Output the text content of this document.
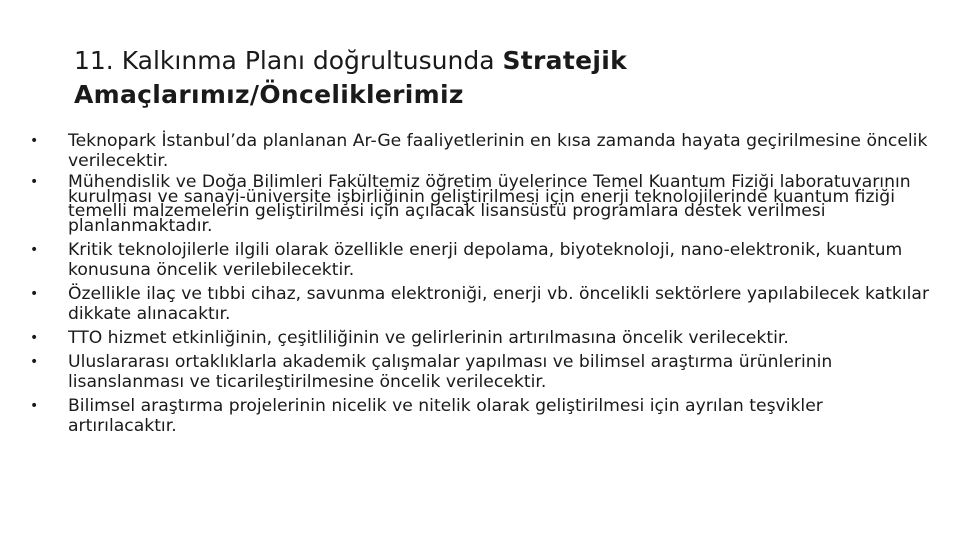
11. Kalkınma Planı doğrultusunda Stratejik
Amaçlarımız/Önceliklerimiz
• Teknopark İstanbul’da planlanan Ar-Ge faaliyetlerinin en kısa zamanda hayata geçirilmesine öncelik verilecektir.
• Mühendislik ve Doğa Bilimleri Fakültemiz öğretim üyelerince Temel Kuantum Fiziği laboratuvarının kurulması ve sanayi-üniversite işbirliğinin geliştirilmesi için enerji teknolojilerinde kuantum fiziği temelli malzemelerin geliştirilmesi için açılacak lisansüstü programlara destek verilmesi planlanmaktadır.
• Kritik teknolojilerle ilgili olarak özellikle enerji depolama, biyoteknoloji, nano-elektronik, kuantum konusuna öncelik verilebilecektir.
• Özellikle ilaç ve tıbbi cihaz, savunma elektroniği, enerji vb. öncelikli sektörlere yapılabilecek katkılar dikkate alınacaktır.
• TTO hizmet etkinliğinin, çeşitliliğinin ve gelirlerinin artırılmasına öncelik verilecektir.
• Uluslararası ortaklıklarla akademik çalışmalar yapılması ve bilimsel araştırma ürünlerinin lisanslanması ve ticarileştirilmesine öncelik verilecektir.
• Bilimsel araştırma projelerinin nicelik ve nitelik olarak geliştirilmesi için ayrılan teşvikler artırılacaktır.
